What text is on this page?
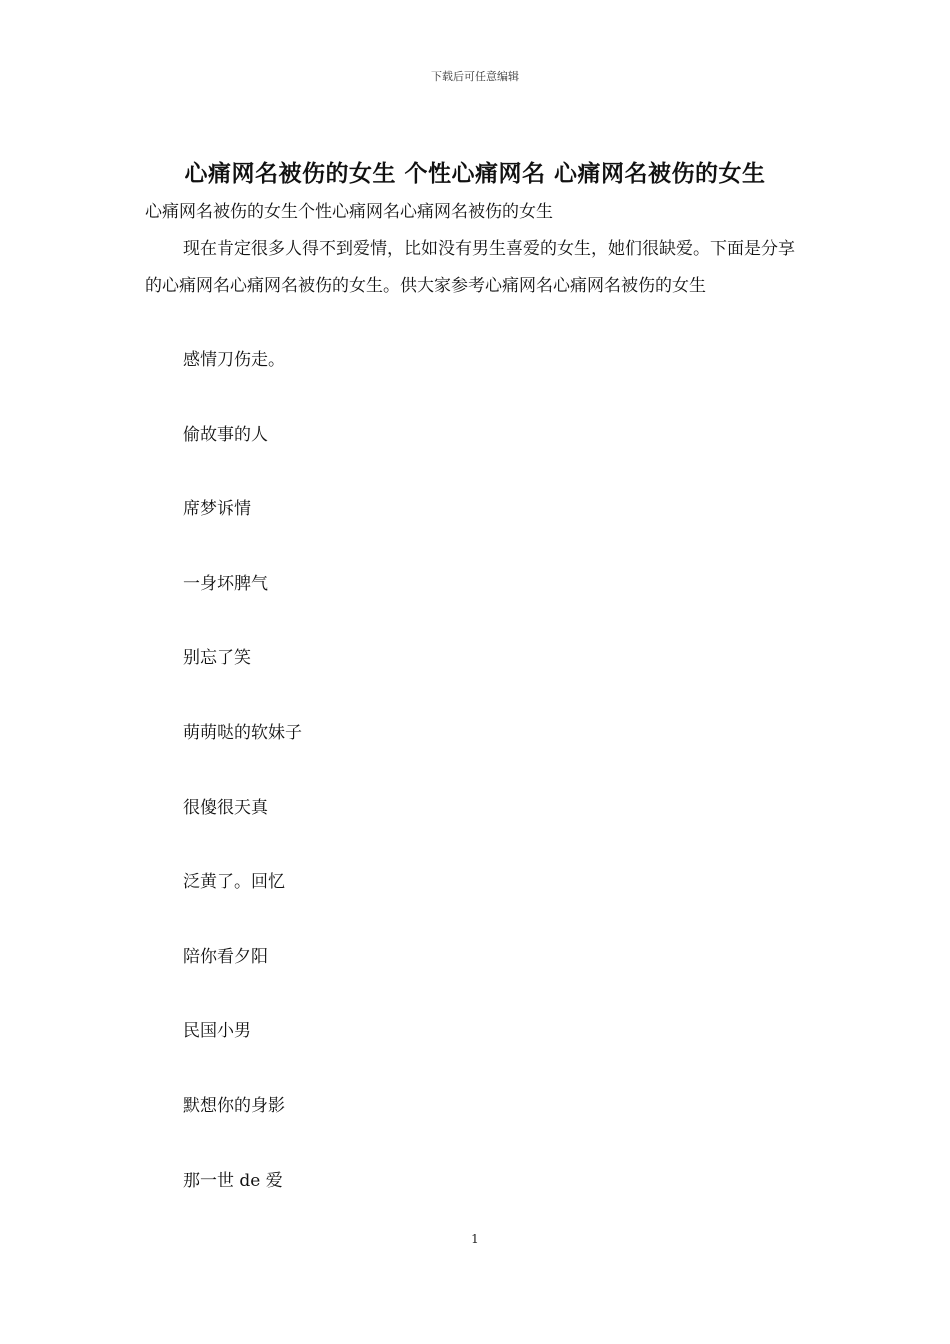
下载后可任意编辑
心痛网名被伤的女生 个性心痛网名 心痛网名被伤的女生

心痛网名被伤的女生个性心痛网名心痛网名被伤的女生

现在肯定很多人得不到爱情，比如没有男生喜爱的女生，她们很缺爱。下面是分享的心痛网名心痛网名被伤的女生。供大家参考心痛网名心痛网名被伤的女生

感情刀伤走。
偷故事的人
席梦诉情
一身坏脾气
别忘了笑
萌萌哒的软妹子
很傻很天真
泛黄了。回忆
陪你看夕阳
民国小男
默想你的身影
那一世 de 爱
1
